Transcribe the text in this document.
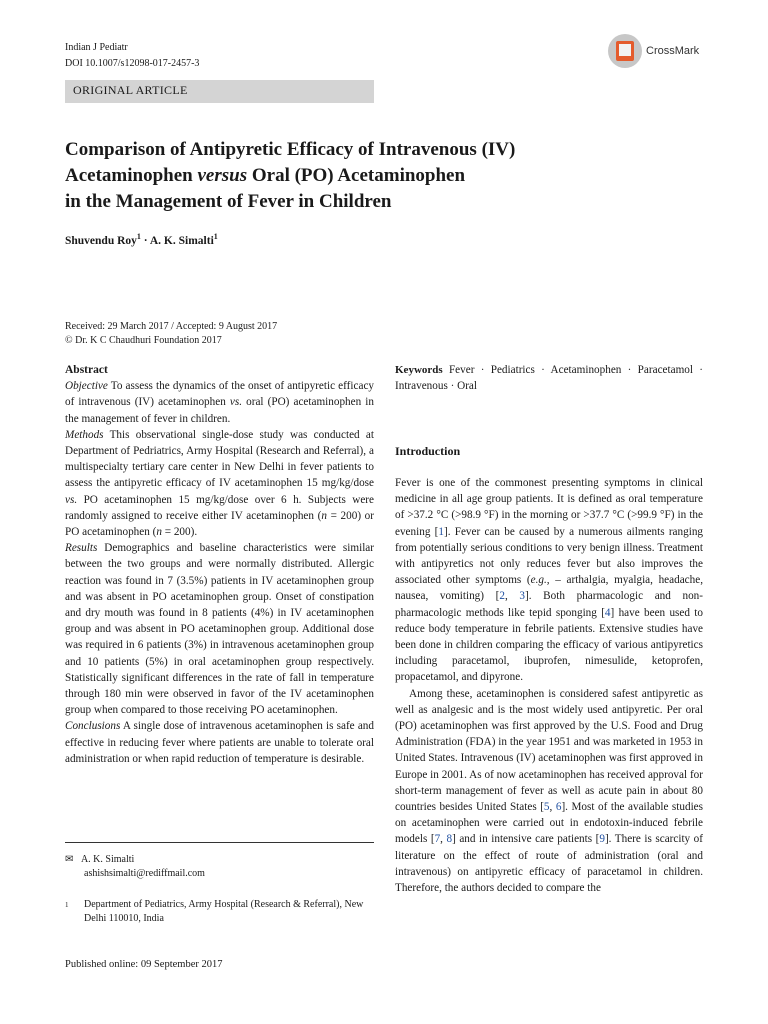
Indian J Pediatr
DOI 10.1007/s12098-017-2457-3
CrossMark
ORIGINAL ARTICLE
Comparison of Antipyretic Efficacy of Intravenous (IV)
Acetaminophen versus Oral (PO) Acetaminophen
in the Management of Fever in Children
Shuvendu Roy$^1$ · A. K. Simalti$^1$
Received: 29 March 2017 / Accepted: 9 August 2017
© Dr. K C Chaudhuri Foundation 2017
Abstract

Objective To assess the dynamics of the onset of antipyretic efficacy of intravenous (IV) acetaminophen vs. oral (PO) acetaminophen in the management of fever in children.

Methods This observational single-dose study was conducted at Department of Pedriatrics, Army Hospital (Research and Referral), a multispecialty tertiary care center in New Delhi in fever patients to assess the antipyretic efficacy of IV acetaminophen 15 mg/kg/dose vs. PO acetaminophen 15 mg/kg/dose over 6 h. Subjects were randomly assigned to receive either IV acetaminophen (n = 200) or PO acetaminophen (n = 200).

Results Demographics and baseline characteristics were similar between the two groups and were normally distributed. Allergic reaction was found in 7 (3.5%) patients in IV acetaminophen group and was absent in PO acetaminophen group. Onset of constipation and dry mouth was found in 8 patients (4%) in IV acetaminophen group and was absent in PO acetaminophen group. Additional dose was required in 6 patients (3%) in intravenous acetaminophen group and 10 patients (5%) in oral acetaminophen group respectively. Statistically significant differences in the rate of fall in temperature through 180 min were observed in favor of the IV acetaminophen group when compared to those receiving PO acetaminophen.

Conclusions A single dose of intravenous acetaminophen is safe and effective in reducing fever where patients are unable to tolerate oral administration or when rapid reduction of temperature is desirable.

✉ A. K. Simalti
ashishsimalti@rediffmail.com
1	Department of Pediatrics, Army Hospital (Research & Referral), New Delhi 110010, India
Published online: 09 September 2017
Keywords Fever · Pediatrics · Acetaminophen · Paracetamol · Intravenous · Oral
Introduction

Fever is one of the commonest presenting symptoms in clinical medicine in all age group patients. It is defined as oral temperature of >37.2 °C (>98.9 °F) in the morning or >37.7 °C (>99.9 °F) in the evening [1]. Fever can be caused by a numerous ailments ranging from potentially serious conditions to very benign illness. Treatment with antipyretics not only reduces fever but also improves the associated other symptoms (e.g., – arthalgia, myalgia, headache, nausea, vomiting) [2, 3]. Both pharmacologic and non-pharmacologic methods like tepid sponging [4] have been used to reduce body temperature in febrile patients. Extensive studies have been done in children comparing the efficacy of various antipyretics including paracetamol, ibuprofen, nimesulide, ketoprofen, propacetamol, and dipyrone.

Among these, acetaminophen is considered safest antipyretic as well as analgesic and is the most widely used antipyretic. Per oral (PO) acetaminophen was first approved by the U.S. Food and Drug Administration (FDA) in the year 1951 and was marketed in 1953 in United States. Intravenous (IV) acetaminophen was first approved in Europe in 2001. As of now acetaminophen has received approval for short-term management of fever as well as acute pain in about 80 countries besides United States [5, 6]. Most of the available studies on acetaminophen were carried out in endotoxin-induced febrile models [7, 8] and in intensive care patients [9]. There is scarcity of literature on the effect of route of administration (oral and intravenous) on antipyretic efficacy of paracetamol in children. Therefore, the authors decided to compare the
